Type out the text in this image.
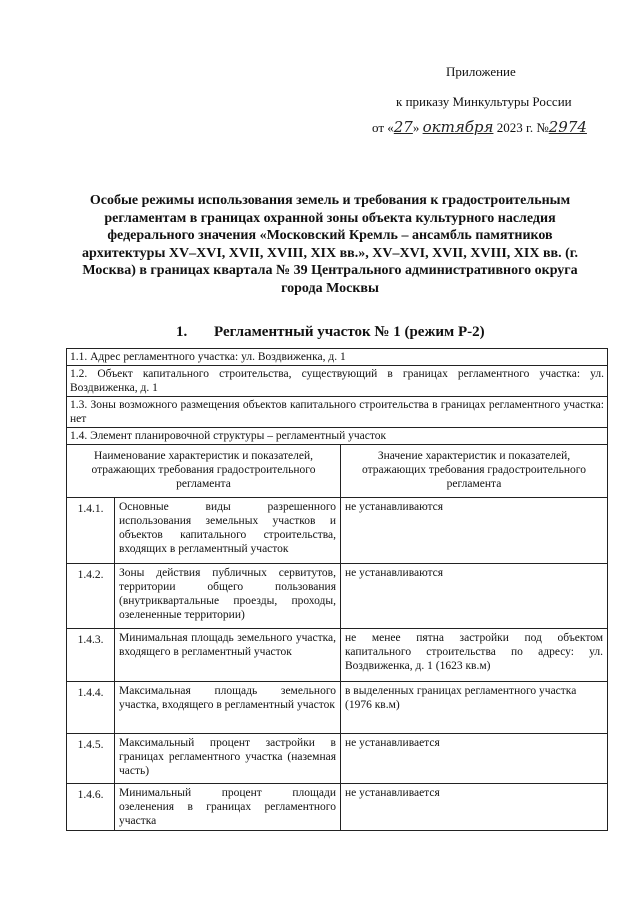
Приложение
к приказу Минкультуры России
от «27» октября 2023 г. №2974
Особые режимы использования земель и требования к градостроительным регламентам в границах охранной зоны объекта культурного наследия федерального значения «Московский Кремль – ансамбль памятников архитектуры XV–XVI, XVII, XVIII, XIX вв.», XV–XVI, XVII, XVIII, XIX вв. (г. Москва) в границах квартала № 39 Центрального административного округа города Москвы
1. Регламентный участок № 1 (режим Р-2)
1.1. Адрес регламентного участка: ул. Воздвиженка, д. 1		
1.2. Объект капитального строительства, существующий в границах регламентного участка: ул. Воздвиженка, д. 1		
1.3. Зоны возможного размещения объектов капитального строительства в границах регламентного участка: нет		
1.4. Элемент планировочной структуры – регламентный участок		
Наименование характеристик и показателей, отражающих требования градостроительного регламента		Значение характеристик и показателей, отражающих требования градостроительного регламента
1.4.1.	Основные виды разрешенного использования земельных участков и объектов капитального строительства, входящих в регламентный участок	не устанавливаются
1.4.2.	Зоны действия публичных сервитутов, территории общего пользования (внутриквартальные проезды, проходы, озелененные территории)	не устанавливаются
1.4.3.	Минимальная площадь земельного участка, входящего в регламентный участок	не менее пятна застройки под объектом капитального строительства по адресу: ул. Воздвиженка, д. 1 (1623 кв.м)
1.4.4.	Максимальная площадь земельного участка, входящего в регламентный участок	в выделенных границах регламентного участка (1976 кв.м)
1.4.5.	Максимальный процент застройки в границах регламентного участка (наземная часть)	не устанавливается
1.4.6.	Минимальный процент площади озеленения в границах регламентного участка	не устанавливается
